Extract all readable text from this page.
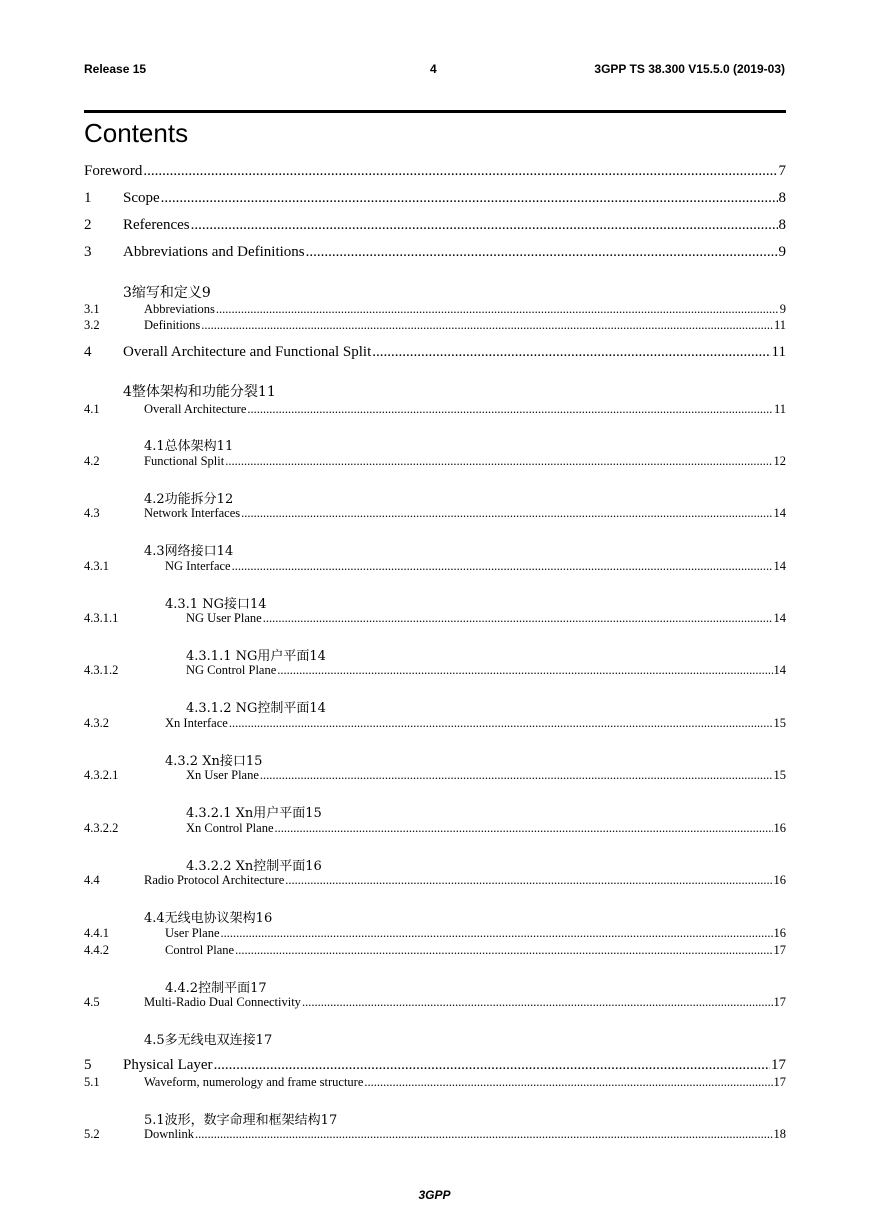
Release 15	4	3GPP TS 38.300 V15.5.0 (2019-03)
Contents
Foreword .....	7
1 Scope .....	8
2 References .....	8
3 Abbreviations and Definitions .....	9
3缩写和定义9
3.1	Abbreviations .....	9
3.2	Definitions .....	11
4 Overall Architecture and Functional Split .....	11
4整体架构和功能分裂11
4.1	Overall Architecture .....	11
4.1总体架构11
4.2	Functional Split .....	12
4.2功能拆分12
4.3	Network Interfaces .....	14
4.3网络接口14
4.3.1	NG Interface .....	14
4.3.1 NG接口14
4.3.1.1	NG User Plane .....	14
4.3.1.1 NG用户平面14
4.3.1.2	NG Control Plane .....	14
4.3.1.2 NG控制平面14
4.3.2	Xn Interface .....	15
4.3.2 Xn接口15
4.3.2.1	Xn User Plane .....	15
4.3.2.1 Xn用户平面15
4.3.2.2	Xn Control Plane .....	16
4.3.2.2 Xn控制平面16
4.4	Radio Protocol Architecture .....	16
4.4无线电协议架构16
4.4.1	User Plane .....	16
4.4.2	Control Plane .....	17
4.4.2控制平面17
4.5	Multi-Radio Dual Connectivity .....	17
4.5多无线电双连接17
5 Physical Layer .....	17
5.1	Waveform, numerology and frame structure .....	17
5.1波形，数字命理和框架结构17
5.2	Downlink .....	18
3GPP
